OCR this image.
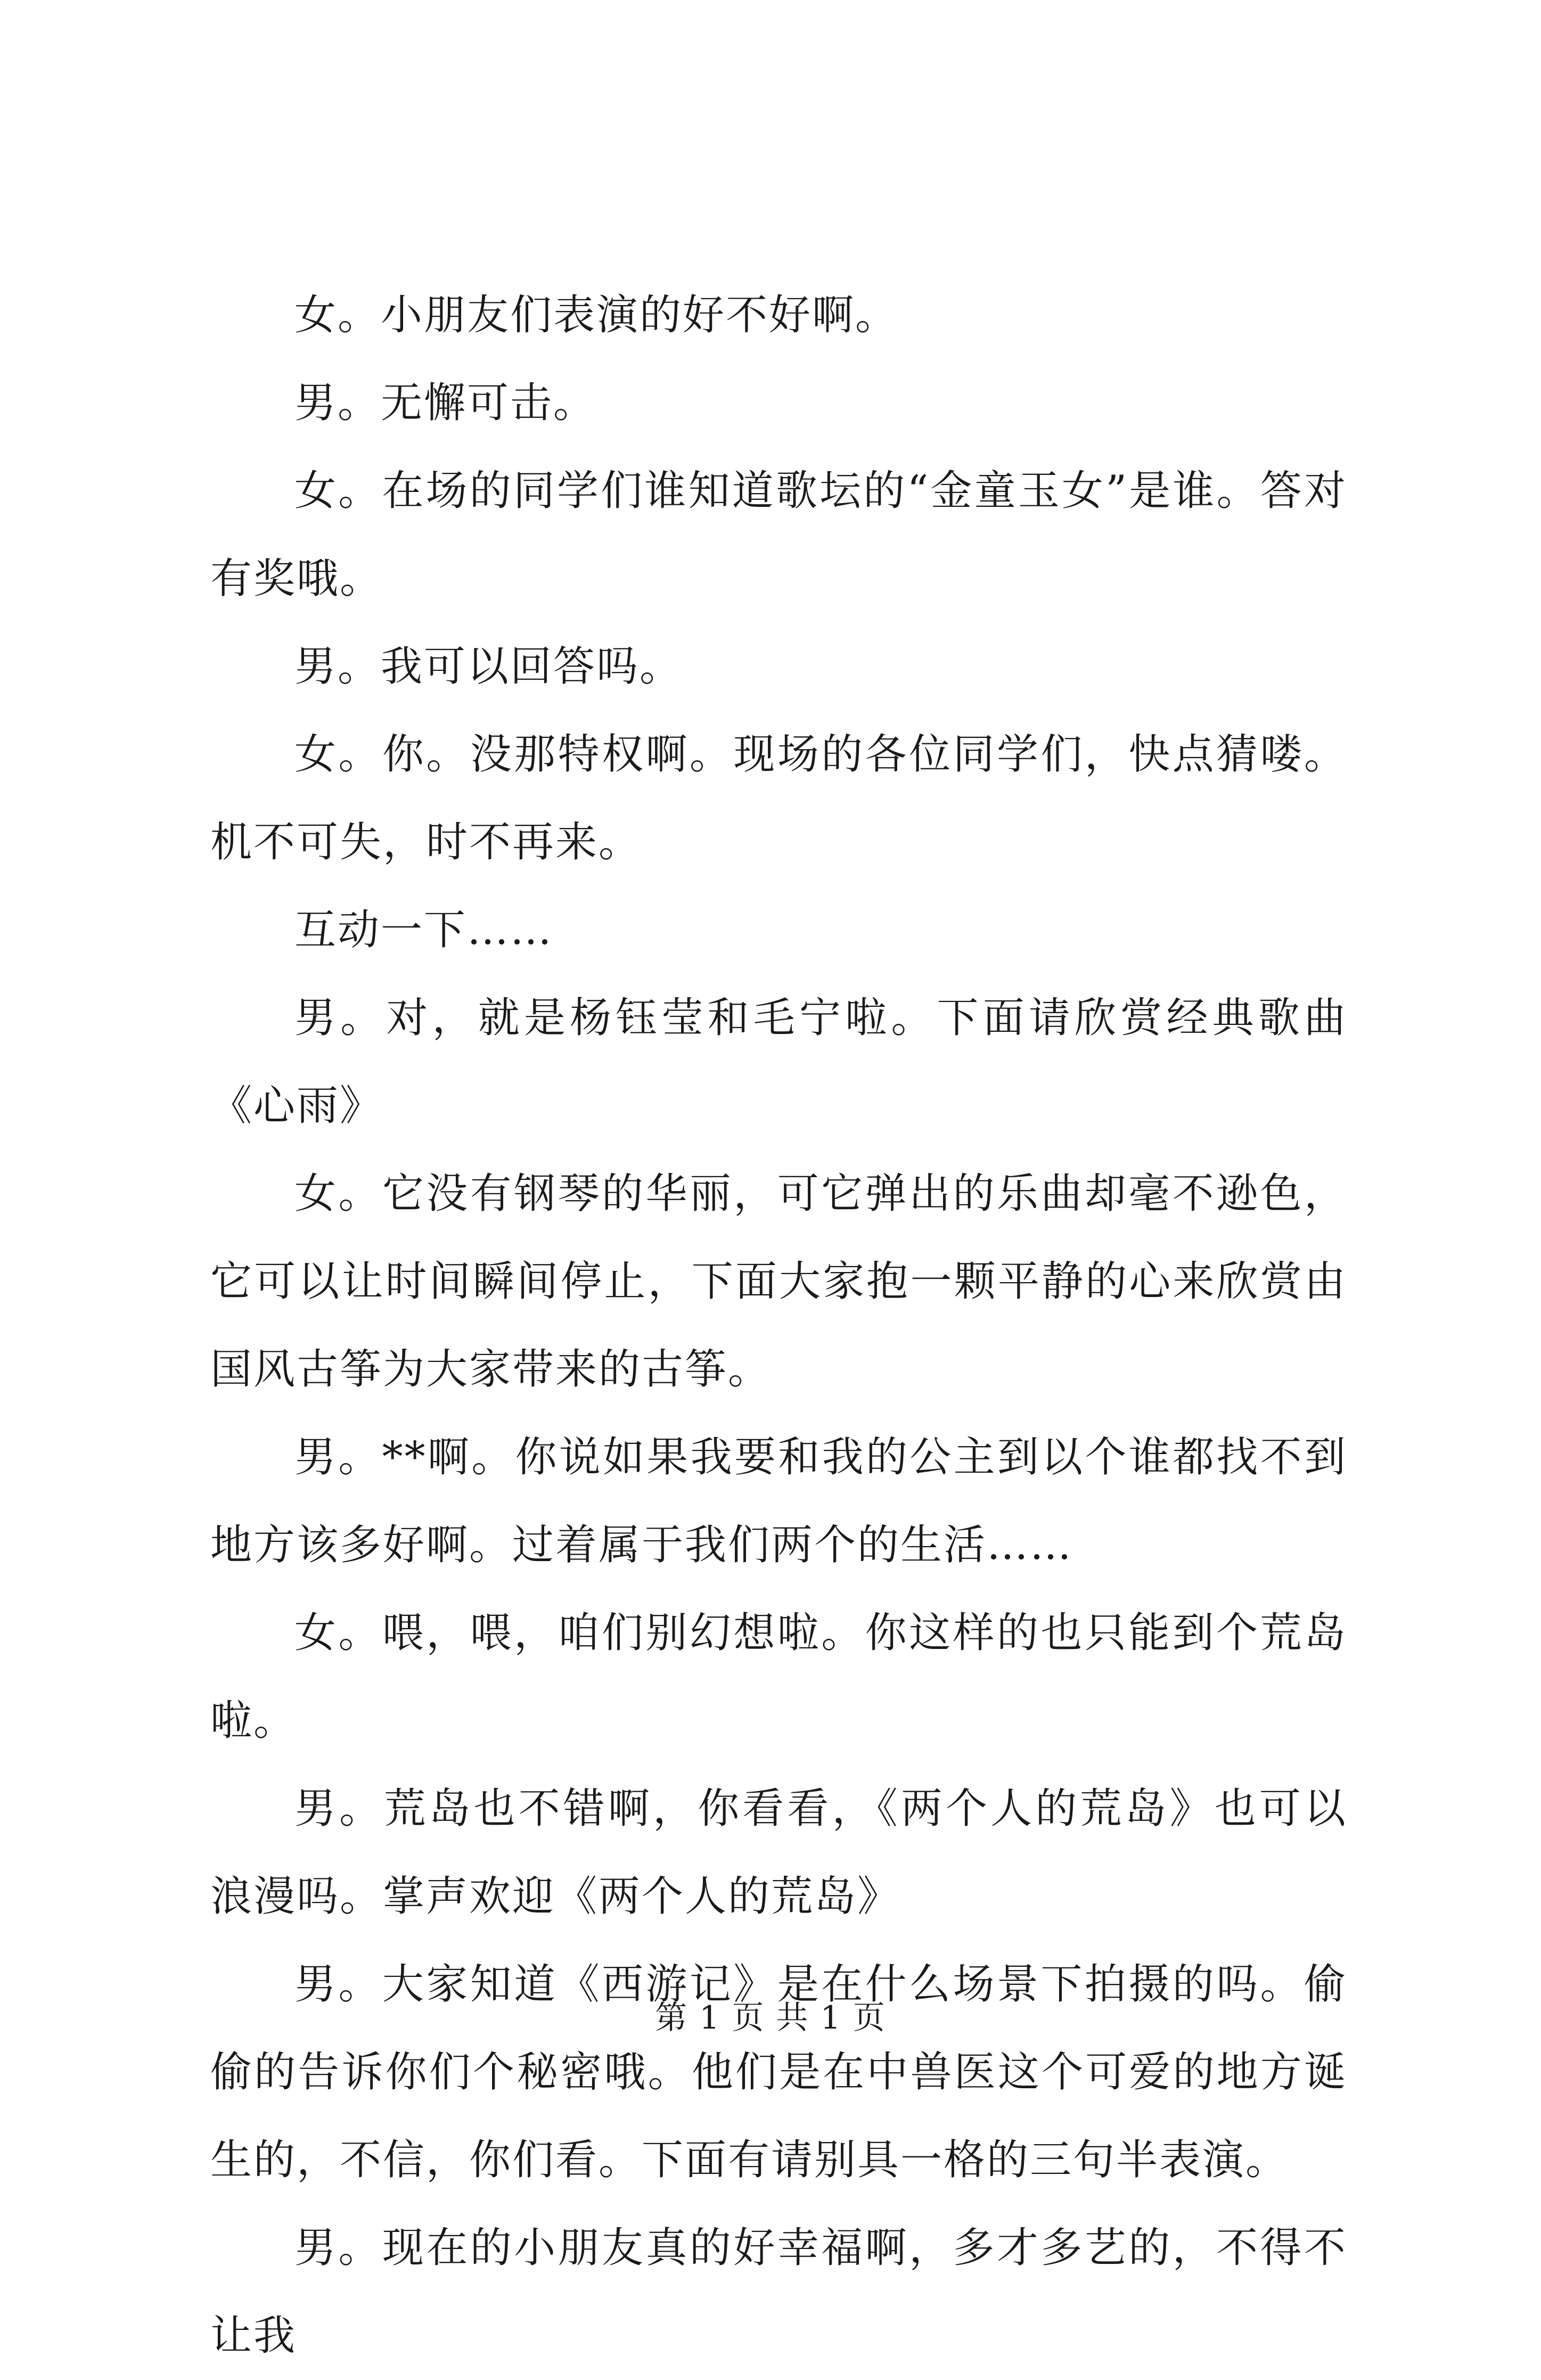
女。小朋友们表演的好不好啊。

男。无懈可击。

女。在场的同学们谁知道歌坛的“金童玉女”是谁。答对有奖哦。

男。我可以回答吗。

女。你。没那特权啊。现场的各位同学们，快点猜喽。机不可失，时不再来。

互动一下……

男。对，就是杨钰莹和毛宁啦。下面请欣赏经典歌曲《心雨》

女。它没有钢琴的华丽，可它弹出的乐曲却毫不逊色，它可以让时间瞬间停止，下面大家抱一颗平静的心来欣赏由国风古筝为大家带来的古筝。

男。**啊。你说如果我要和我的公主到以个谁都找不到地方该多好啊。过着属于我们两个的生活……

女。喂，喂，咱们别幻想啦。你这样的也只能到个荒岛啦。

男。荒岛也不错啊，你看看，《两个人的荒岛》也可以浪漫吗。掌声欢迎《两个人的荒岛》

男。大家知道《西游记》是在什么场景下拍摄的吗。偷偷的告诉你们个秘密哦。他们是在中兽医这个可爱的地方诞生的，不信，你们看。下面有请别具一格的三句半表演。

男。现在的小朋友真的好幸福啊，多才多艺的，不得不让我

第 1 页 共 1 页
